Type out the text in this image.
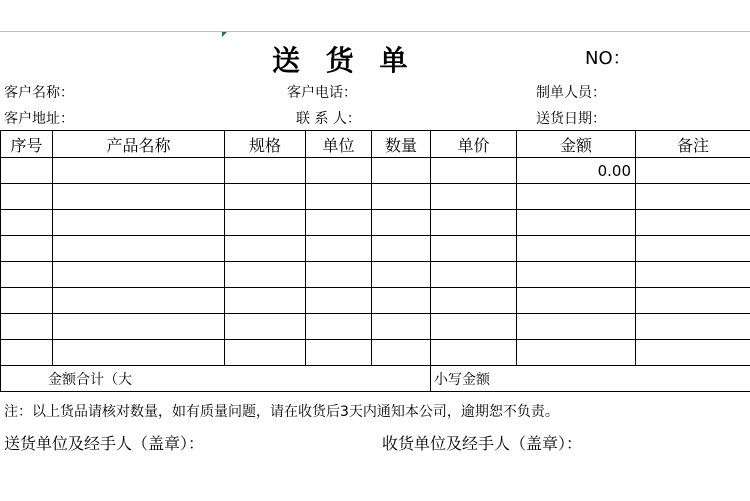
送 货 单	NO：
客户名称：	客户电话：	制单人员：
客户地址：	联 系 人：	送货日期：
序号	产品名称	规格	单位	数量	单价	金额	备注
						0.00	

金额合计（大					小写金额		
注：以上货品请核对数量，如有质量问题，请在收货后3天内通知本公司，逾期恕不负责。
送货单位及经手人（盖章）：	收货单位及经手人（盖章）：
